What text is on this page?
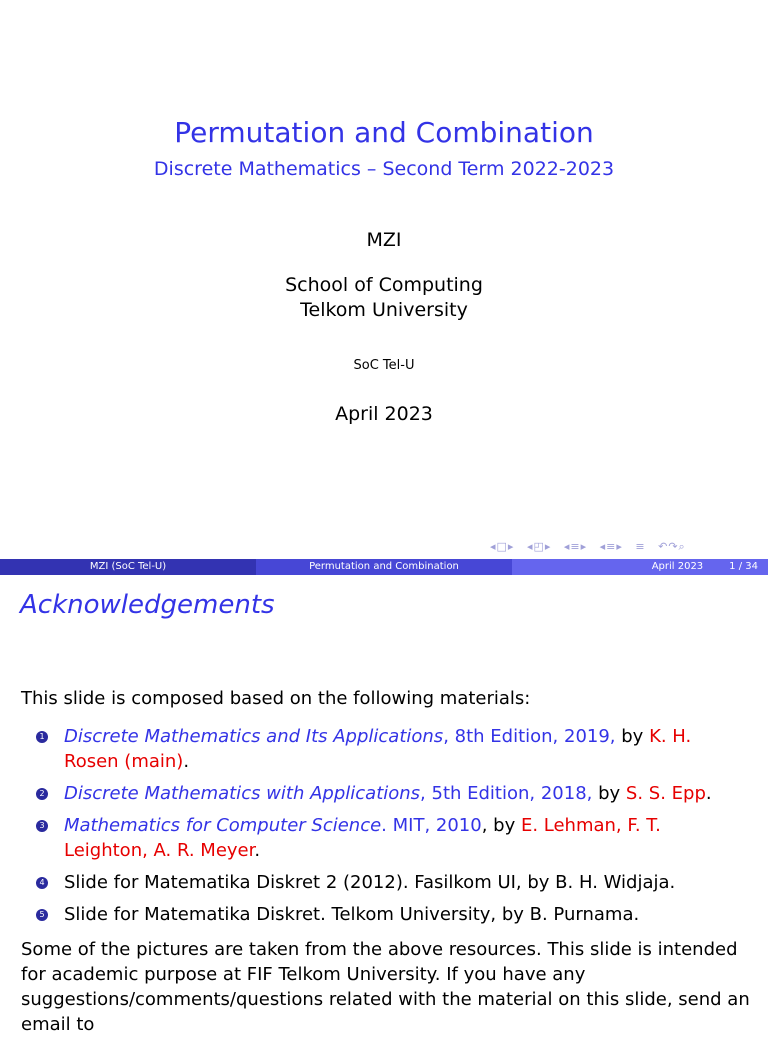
Permutation and Combination
Discrete Mathematics – Second Term 2022-2023
MZI
School of Computing
Telkom University
SoC Tel-U
April 2023
◂□▸ ◂◰▸ ◂≡▸ ◂≡▸ ≡ ↶↷⌕
MZI (SoC Tel-U)	Permutation and Combination	April 2023	1 / 34
Acknowledgements
This slide is composed based on the following materials:
1 Discrete Mathematics and Its Applications, 8th Edition, 2019, by K. H. Rosen (main).
2 Discrete Mathematics with Applications, 5th Edition, 2018, by S. S. Epp.
3 Mathematics for Computer Science. MIT, 2010, by E. Lehman, F. T. Leighton, A. R. Meyer.
4 Slide for Matematika Diskret 2 (2012). Fasilkom UI, by B. H. Widjaja.
5 Slide for Matematika Diskret. Telkom University, by B. Purnama.
Some of the pictures are taken from the above resources. This slide is intended for academic purpose at FIF Telkom University. If you have any suggestions/comments/questions related with the material on this slide, send an email to
